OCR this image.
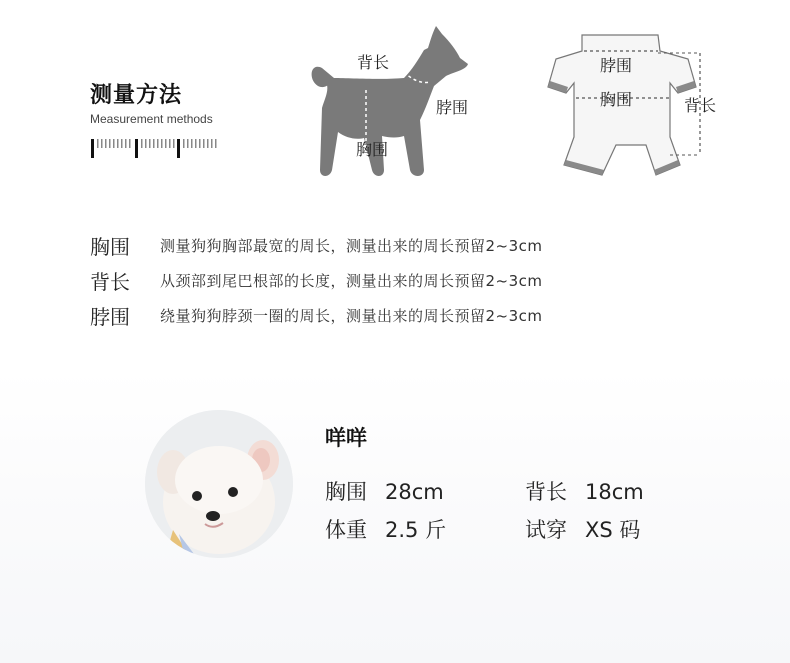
测量方法
Measurement methods
背长
脖围
胸围
脖围
胸围	背长
胸围	测量狗狗胸部最宽的周长，测量出来的周长预留2~3cm
背长	从颈部到尾巴根部的长度，测量出来的周长预留2~3cm
脖围	绕量狗狗脖颈一圈的周长，测量出来的周长预留2~3cm
咩咩
胸围 28cm	背长 18cm
体重 2.5 斤	试穿 XS 码
